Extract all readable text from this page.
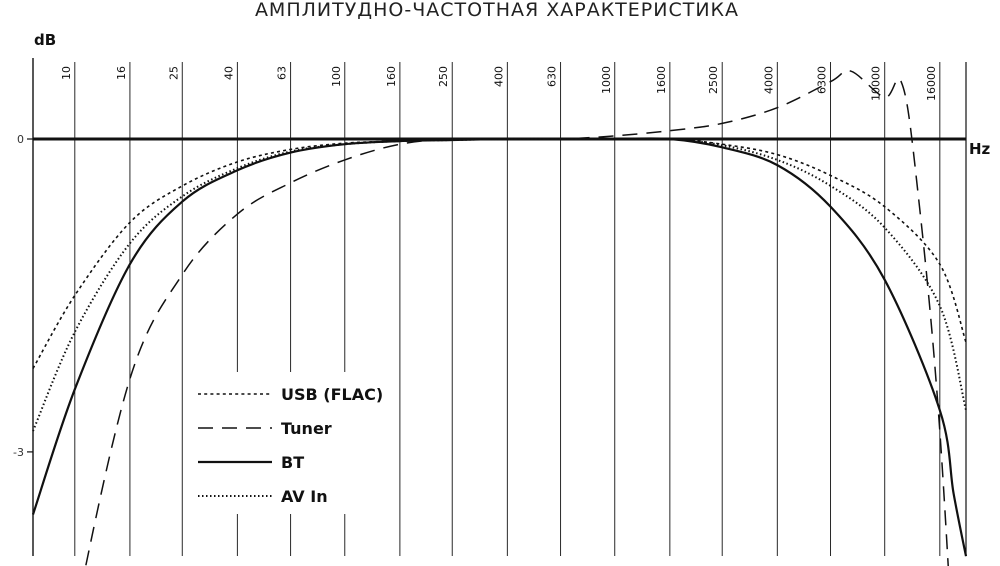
АМПЛИТУДНО-ЧАСТОТНАЯ ХАРАКТЕРИСТИКА
dB
Hz
0
-3
10	16	25	40	63	100	160	250	400	630	1000	1600	2500	4000	6300	10000	16000
USB (FLAC)
Tuner
BT
AV In
